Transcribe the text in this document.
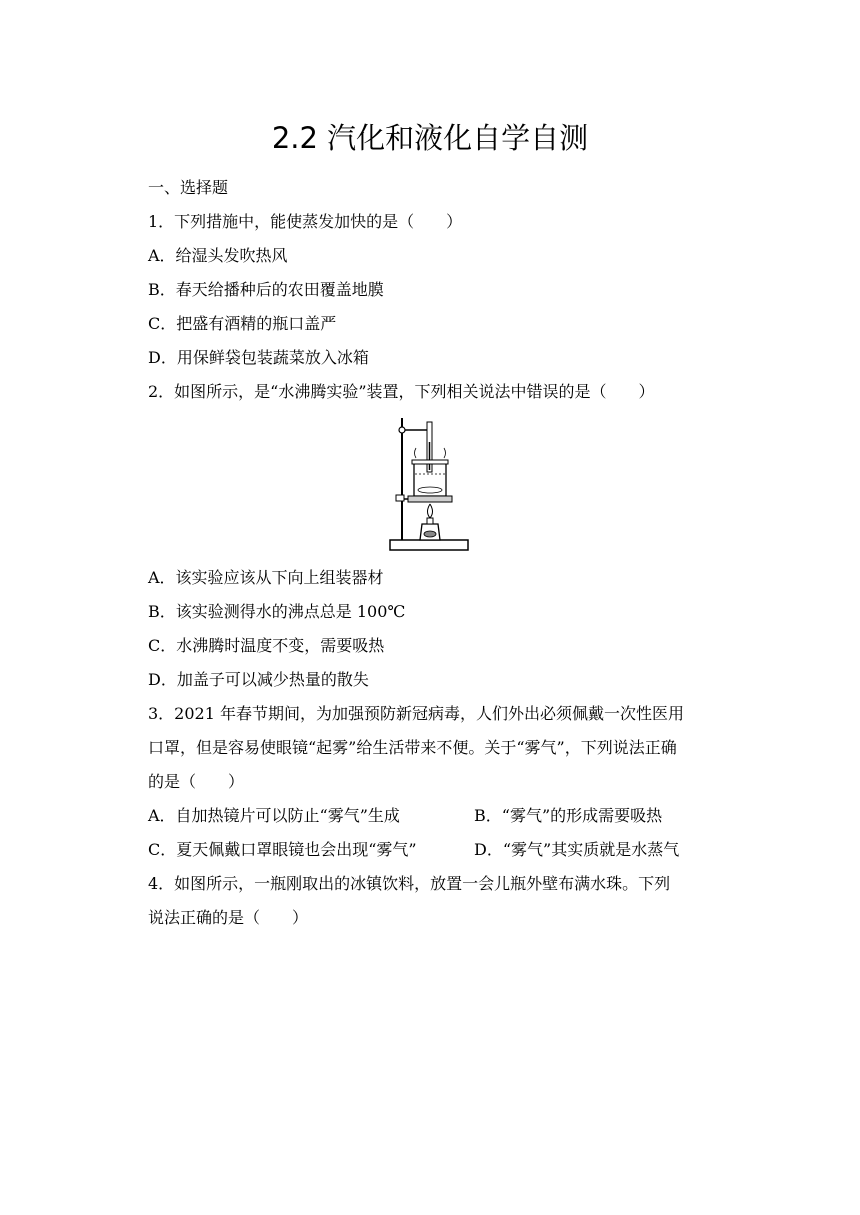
2.2 汽化和液化自学自测
一、选择题
1．下列措施中，能使蒸发加快的是（　　）
A．给湿头发吹热风
B．春天给播种后的农田覆盖地膜
C．把盛有酒精的瓶口盖严
D．用保鲜袋包装蔬菜放入冰箱
2．如图所示，是“水沸腾实验”装置，下列相关说法中错误的是（　　）
A．该实验应该从下向上组装器材
B．该实验测得水的沸点总是 100℃
C．水沸腾时温度不变，需要吸热
D．加盖子可以减少热量的散失
3．2021 年春节期间，为加强预防新冠病毒，人们外出必须佩戴一次性医用
口罩，但是容易使眼镜“起雾”给生活带来不便。关于“雾气”，下列说法正确
的是（　　）
A．自加热镜片可以防止“雾气”生成	B．“雾气”的形成需要吸热
C．夏天佩戴口罩眼镜也会出现“雾气”	D．“雾气”其实质就是水蒸气
4．如图所示，一瓶刚取出的冰镇饮料，放置一会儿瓶外壁布满水珠。下列
说法正确的是（　　）
